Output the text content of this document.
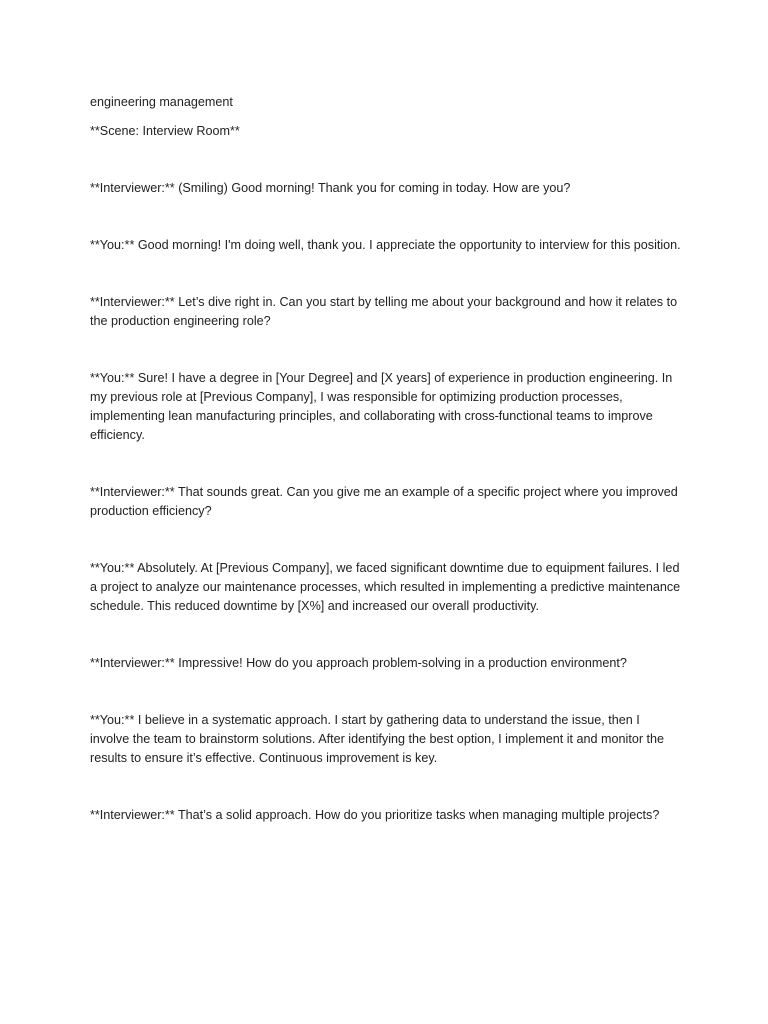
engineering management
**Scene: Interview Room**
**Interviewer:** (Smiling) Good morning! Thank you for coming in today. How are you?
**You:** Good morning! I'm doing well, thank you. I appreciate the opportunity to interview for this position.
**Interviewer:** Let’s dive right in. Can you start by telling me about your background and how it relates to the production engineering role?
**You:** Sure! I have a degree in [Your Degree] and [X years] of experience in production engineering. In my previous role at [Previous Company], I was responsible for optimizing production processes, implementing lean manufacturing principles, and collaborating with cross-functional teams to improve efficiency.
**Interviewer:** That sounds great. Can you give me an example of a specific project where you improved production efficiency?
**You:** Absolutely. At [Previous Company], we faced significant downtime due to equipment failures. I led a project to analyze our maintenance processes, which resulted in implementing a predictive maintenance schedule. This reduced downtime by [X%] and increased our overall productivity.
**Interviewer:** Impressive! How do you approach problem-solving in a production environment?
**You:** I believe in a systematic approach. I start by gathering data to understand the issue, then I involve the team to brainstorm solutions. After identifying the best option, I implement it and monitor the results to ensure it’s effective. Continuous improvement is key.
**Interviewer:** That’s a solid approach. How do you prioritize tasks when managing multiple projects?
